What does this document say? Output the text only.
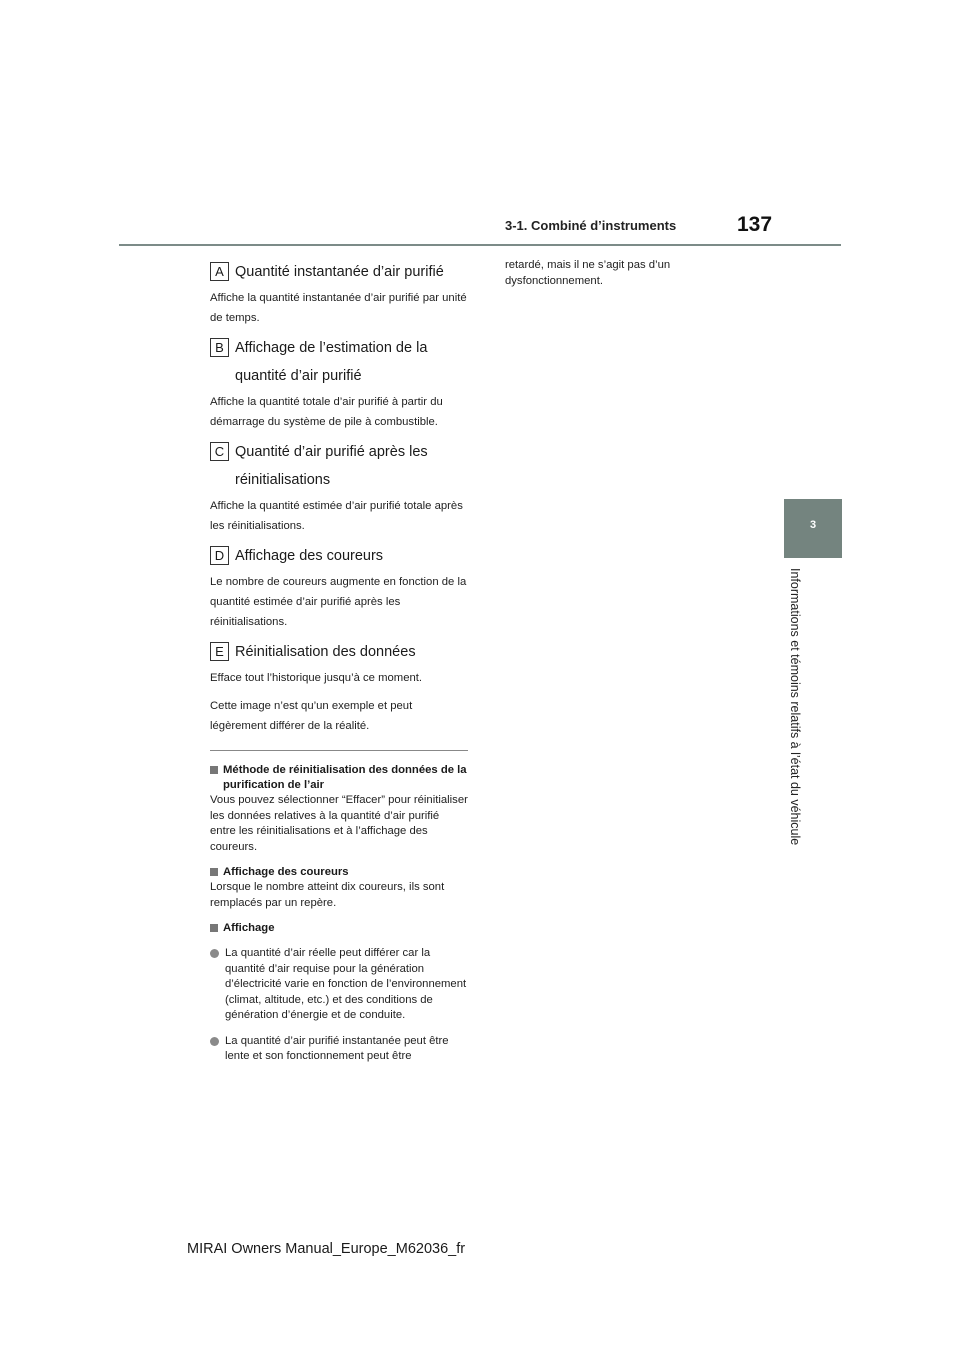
3-1. Combiné d’instruments	137
3
Informations et témoins relatifs à l’état du véhicule
A Quantité instantanée d’air purifié
Affiche la quantité instantanée d’air purifié par unité de temps.
B Affichage de l’estimation de la quantité d’air purifié
Affiche la quantité totale d’air purifié à partir du démarrage du système de pile à combustible.
C Quantité d’air purifié après les réinitialisations
Affiche la quantité estimée d’air purifié totale après les réinitialisations.
D Affichage des coureurs
Le nombre de coureurs augmente en fonction de la quantité estimée d’air purifié après les réinitialisations.
E Réinitialisation des données
Efface tout l’historique jusqu’à ce moment.
Cette image n’est qu’un exemple et peut légèrement différer de la réalité.
Méthode de réinitialisation des données de la purification de l’air
Vous pouvez sélectionner “Effacer” pour réinitialiser les données relatives à la quantité d’air purifié entre les réinitialisations et à l’affichage des coureurs.
Affichage des coureurs
Lorsque le nombre atteint dix coureurs, ils sont remplacés par un repère.
Affichage
La quantité d’air réelle peut différer car la quantité d’air requise pour la génération d’électricité varie en fonction de l’environnement (climat, altitude, etc.) et des conditions de génération d’énergie et de conduite.
La quantité d’air purifié instantanée peut être lente et son fonctionnement peut être
retardé, mais il ne s’agit pas d’un dysfonctionnement.
MIRAI Owners Manual_Europe_M62036_fr
